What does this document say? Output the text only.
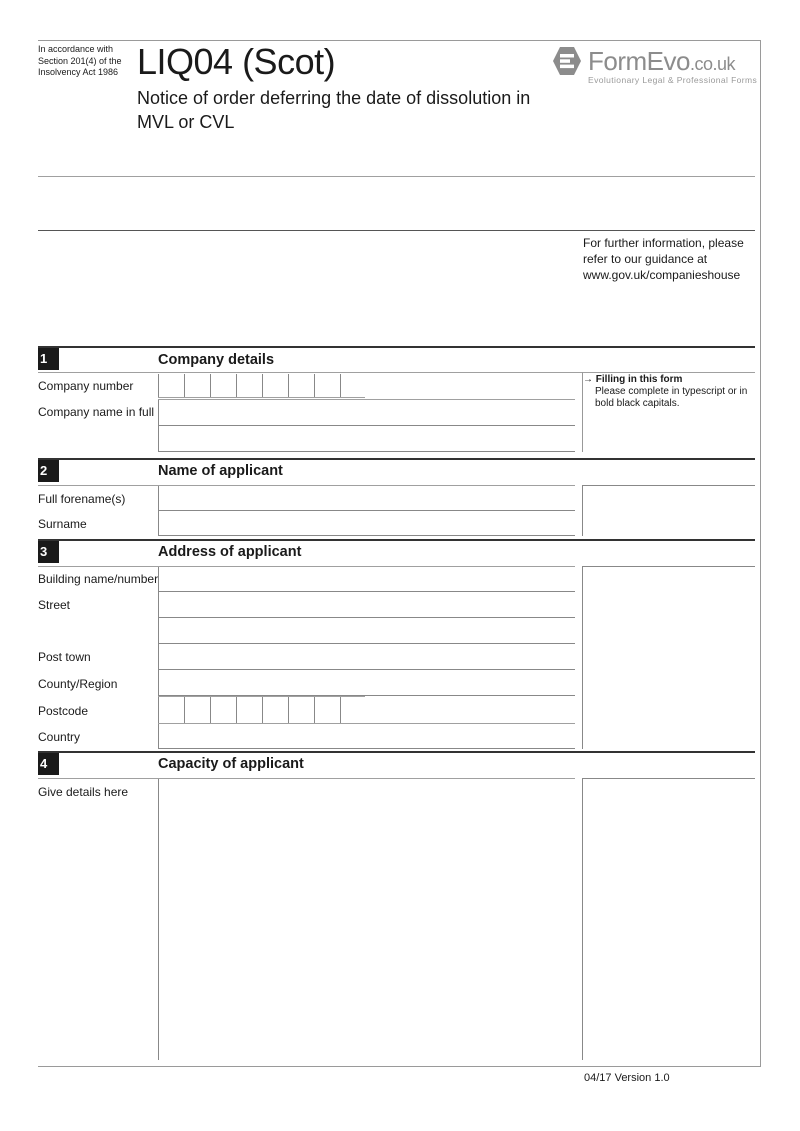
In accordance with Section 201(4) of the Insolvency Act 1986 LIQ04 (Scot)
Notice of order deferring the date of dissolution in MVL or CVL
FormEvo.co.uk
Evolutionary Legal & Professional Forms
For further information, please refer to our guidance at www.gov.uk/companieshouse
1	Company details
Company number
Company name in full
→ Filling in this form
Please complete in typescript or in bold black capitals.
2	Name of applicant
Full forename(s)
Surname
3	Address of applicant
Building name/number
Street
Post town
County/Region
Postcode
Country
4	Capacity of applicant
Give details here
04/17 Version 1.0
